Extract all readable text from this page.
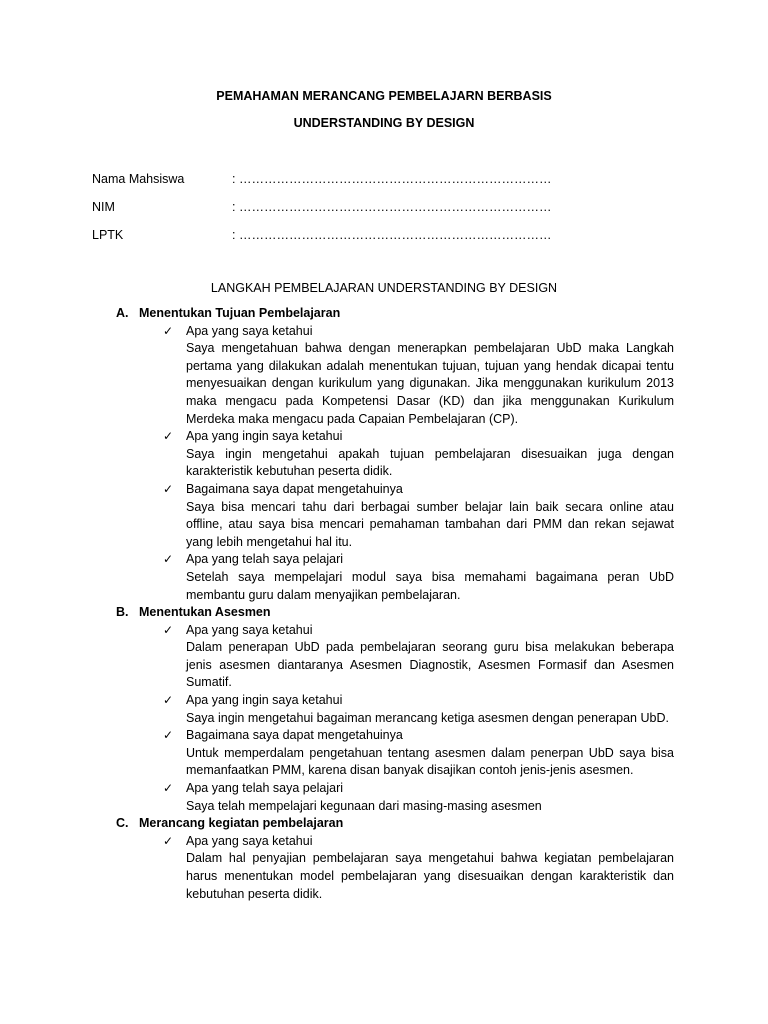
PEMAHAMAN MERANCANG PEMBELAJARN BERBASIS
UNDERSTANDING BY DESIGN
Nama Mahsiswa	: …………………………………………………………………
NIM	: …………………………………………………………………
LPTK	: …………………………………………………………………
LANGKAH PEMBELAJARAN UNDERSTANDING BY DESIGN
A. Menentukan Tujuan Pembelajaran
✓ Apa yang saya ketahui
Saya mengetahuan bahwa dengan menerapkan pembelajaran UbD maka Langkah pertama yang dilakukan adalah menentukan tujuan, tujuan yang hendak dicapai tentu menyesuaikan dengan kurikulum yang digunakan. Jika menggunakan kurikulum 2013 maka mengacu pada Kompetensi Dasar (KD) dan jika menggunakan Kurikulum Merdeka maka mengacu pada Capaian Pembelajaran (CP).
✓ Apa yang ingin saya ketahui
Saya ingin mengetahui apakah tujuan pembelajaran disesuaikan juga dengan karakteristik kebutuhan peserta didik.
✓ Bagaimana saya dapat mengetahuinya
Saya bisa mencari tahu dari berbagai sumber belajar lain baik secara online atau offline, atau saya bisa mencari pemahaman tambahan dari PMM dan rekan sejawat yang lebih mengetahui hal itu.
✓ Apa yang telah saya pelajari
Setelah saya mempelajari modul saya bisa memahami bagaimana peran UbD membantu guru dalam menyajikan pembelajaran.
B. Menentukan Asesmen
✓ Apa yang saya ketahui
Dalam penerapan UbD pada pembelajaran seorang guru bisa melakukan beberapa jenis asesmen diantaranya Asesmen Diagnostik, Asesmen Formasif dan Asesmen Sumatif.
✓ Apa yang ingin saya ketahui
Saya ingin mengetahui bagaiman merancang ketiga asesmen dengan penerapan UbD.
✓ Bagaimana saya dapat mengetahuinya
Untuk memperdalam pengetahuan tentang asesmen dalam penerpan UbD saya bisa memanfaatkan PMM, karena disan banyak disajikan contoh jenis-jenis asesmen.
✓ Apa yang telah saya pelajari
Saya telah mempelajari kegunaan dari masing-masing asesmen
C. Merancang kegiatan pembelajaran
✓ Apa yang saya ketahui
Dalam hal penyajian pembelajaran saya mengetahui bahwa kegiatan pembelajaran harus menentukan model pembelajaran yang disesuaikan dengan karakteristik dan kebutuhan peserta didik.
